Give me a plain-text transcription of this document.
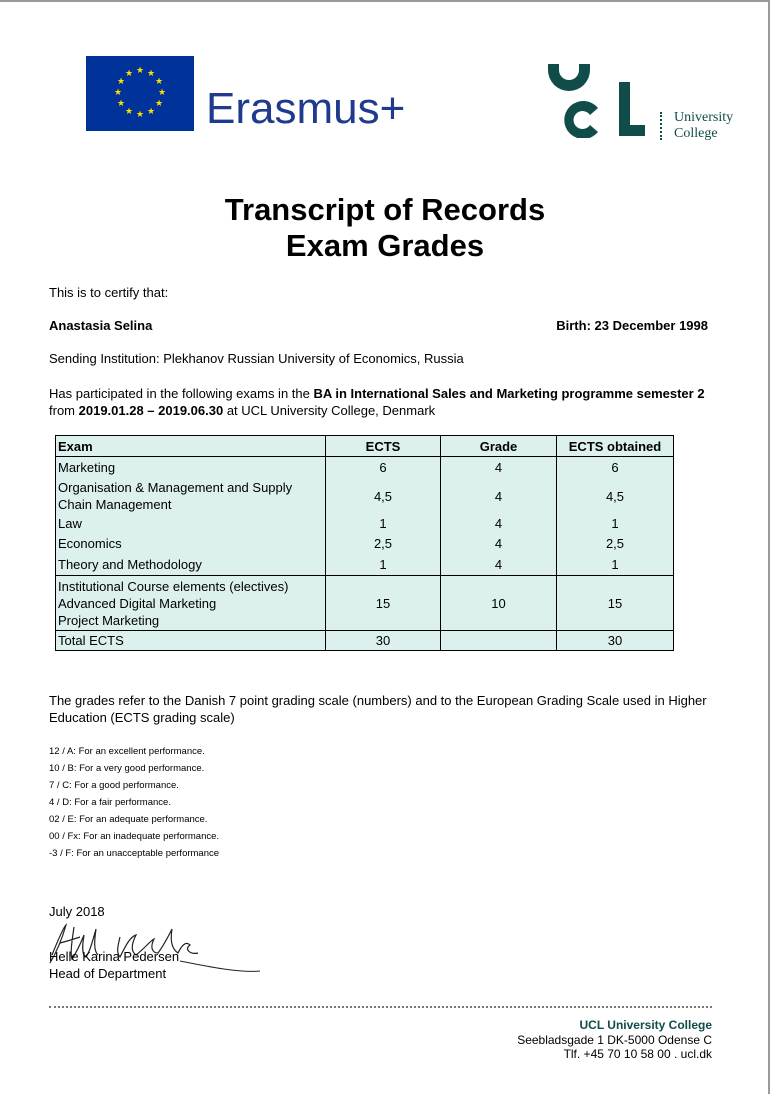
★ ★
★
★
★
★
★
★
★
★
★
★
Erasmus+	University
College
Transcript of Records
Exam Grades
This is to certify that:
Anastasia Selina	Birth: 23 December 1998
Sending Institution: Plekhanov Russian University of Economics, Russia
Has participated in the following exams in the BA in International Sales and Marketing programme semester 2
from 2019.01.28 – 2019.06.30 at UCL University College, Denmark
Exam	ECTS	Grade	ECTS obtained
Marketing	6	4	6

Organisation & Management and Supply
Chain Management	4,5	4	4,5
Law	1	4	1
Economics	2,5	4	2,5
Theory and Methodology	1	4	1

Institutional Course elements (electives)
Advanced Digital Marketing
Project Marketing	15	10	15
Total ECTS	30		30
The grades refer to the Danish 7 point grading scale (numbers) and to the European Grading Scale used in Higher
Education (ECTS grading scale)
12 / A: For an excellent performance.
10 / B: For a very good performance.
7 / C: For a good performance.
4 / D: For a fair performance.
02 / E: For an adequate performance.
00 / Fx: For an inadequate performance.
-3 / F: For an unacceptable performance
July 2018
Helle Karina Pedersen
Head of Department
UCL University College
Seebladsgade 1 DK-5000 Odense C
Tlf. +45 70 10 58 00 . ucl.dk
